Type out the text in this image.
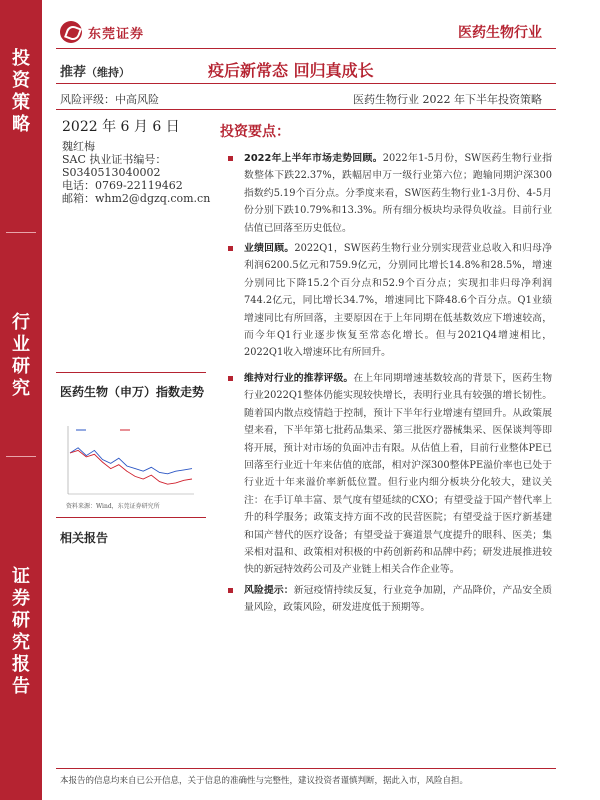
投
资
策
略
行
业
研
究
证
券
研
究
报
告
东莞证券	医药生物行业
推荐（维持）	疫后新常态 回归真成长
风险评级：中高风险	医药生物行业 2022 年下半年投资策略
2022 年 6 月 6 日
魏红梅
SAC 执业证书编号：
S0340513040002
电话：0769-22119462
邮箱：whm2@dgzq.com.cn
投资要点：
2022年上半年市场走势回顾。2022年1-5月份，SW医药生物行业指数整体下跌22.37%，跌幅居申万一级行业第六位；跑输同期沪深300指数约5.19个百分点。分季度来看，SW医药生物行业1-3月份、4-5月份分别下跌10.79%和13.3%。所有细分板块均录得负收益。目前行业估值已回落至历史低位。
业绩回顾。2022Q1，SW医药生物行业分别实现营业总收入和归母净利润6200.5亿元和759.9亿元，分别同比增长14.8%和28.5%，增速分别同比下降15.2个百分点和52.9个百分点；实现扣非归母净利润744.2亿元，同比增长34.7%，增速同比下降48.6个百分点。Q1业绩增速同比有所回落，主要原因在于上年同期在低基数效应下增速较高，而今年Q1行业逐步恢复至常态化增长。但与2021Q4增速相比，2022Q1收入增速环比有所回升。
维持对行业的推荐评级。在上年同期增速基数较高的背景下，医药生物行业2022Q1整体仍能实现较快增长，表明行业具有较强的增长韧性。随着国内散点疫情趋于控制，预计下半年行业增速有望回升。从政策展望来看，下半年第七批药品集采、第三批医疗器械集采、医保谈判等即将开展，预计对市场的负面冲击有限。从估值上看，目前行业整体PE已回落至行业近十年来估值的底部，相对沪深300整体PE溢价率也已处于行业近十年来溢价率新低位置。但行业内细分板块分化较大，建议关注：在手订单丰富、景气度有望延续的CXO；有望受益于国产替代率上升的科学服务；政策支持方面不改的民营医院；有望受益于医疗新基建和国产替代的医疗设备；有望受益于赛道景气度提升的眼科、医美；集采相对温和、政策相对积极的中药创新药和品牌中药；研发进展推进较快的新冠特效药公司及产业链上相关合作企业等。
风险提示：新冠疫情持续反复，行业竞争加剧，产品降价，产品安全质量风险，政策风险，研发进度低于预期等。
医药生物（申万）指数走势
资料来源：Wind，东莞证券研究所
相关报告
本报告的信息均来自已公开信息，关于信息的准确性与完整性，建议投资者谨慎判断，据此入市，风险自担。
